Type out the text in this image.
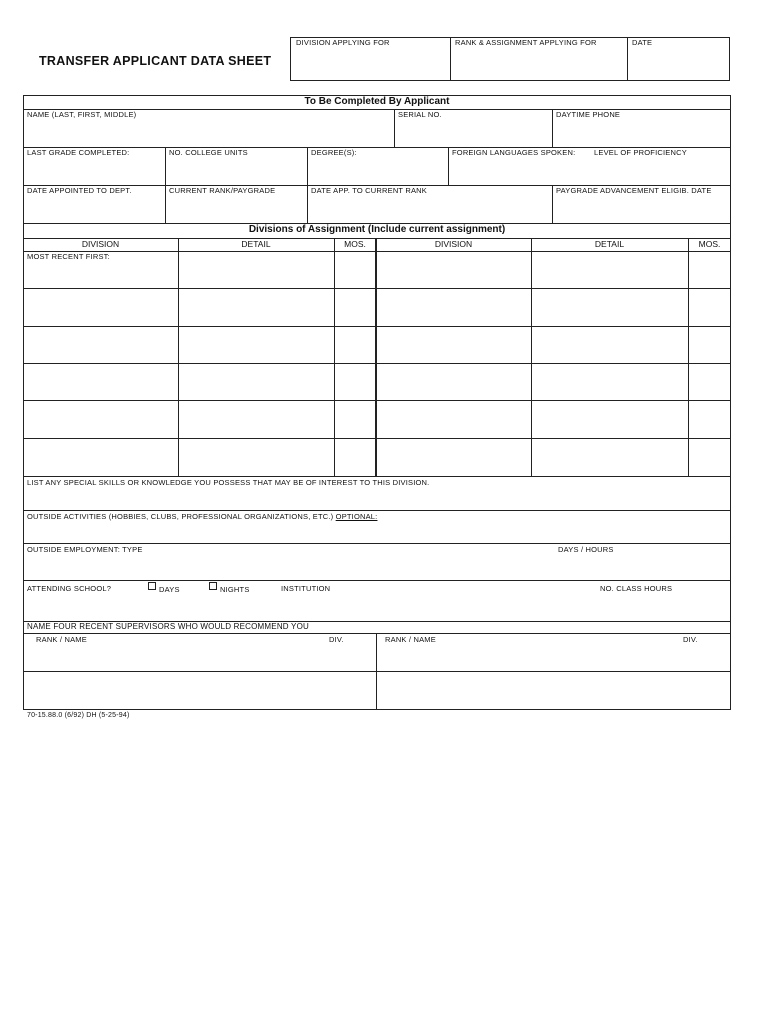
TRANSFER APPLICANT DATA SHEET
DIVISION APPLYING FOR	RANK & ASSIGNMENT APPLYING FOR	DATE
To Be Completed By Applicant
NAME (LAST, FIRST, MIDDLE)	SERIAL NO.	DAYTIME PHONE
LAST GRADE COMPLETED:	NO. COLLEGE UNITS	DEGREE(S):	FOREIGN LANGUAGES SPOKEN: LEVEL OF PROFICIENCY
DATE APPOINTED TO DEPT.	CURRENT RANK/PAYGRADE	DATE APP. TO CURRENT RANK	PAYGRADE ADVANCEMENT ELIGIB. DATE
Divisions of Assignment (Include current assignment)
DIVISION	DETAIL	MOS.	DIVISION	DETAIL	MOS.
MOST RECENT FIRST:
LIST ANY SPECIAL SKILLS OR KNOWLEDGE YOU POSSESS THAT MAY BE OF INTEREST TO THIS DIVISION.
OUTSIDE ACTIVITIES (HOBBIES, CLUBS, PROFESSIONAL ORGANIZATIONS, ETC.) OPTIONAL:
OUTSIDE EMPLOYMENT: TYPE	DAYS / HOURS
ATTENDING SCHOOL?	DAYS	NIGHTS	INSTITUTION	NO. CLASS HOURS
NAME FOUR RECENT SUPERVISORS WHO WOULD RECOMMEND YOU
RANK / NAME	DIV.	RANK / NAME	DIV.
70-15.88.0 (6/92) DH (5-25-94)
